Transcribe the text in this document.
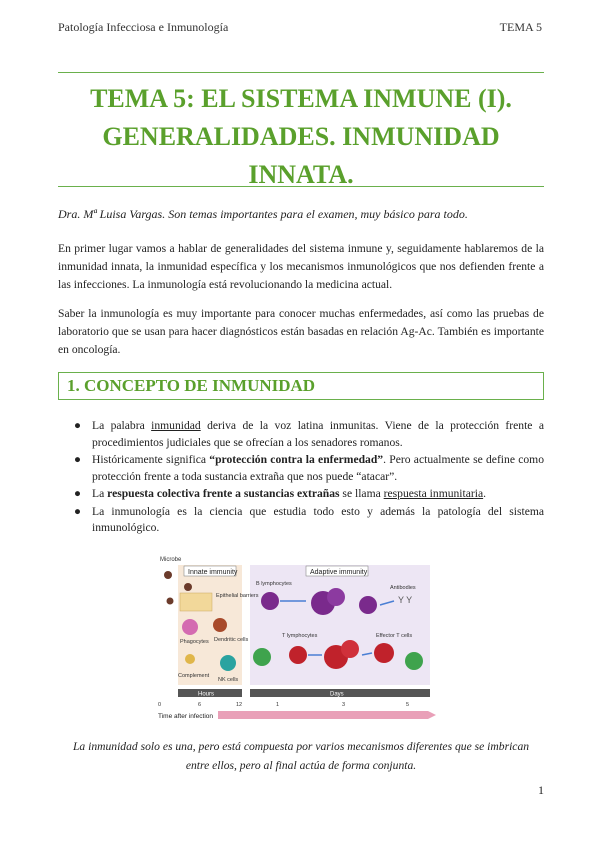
Patología Infecciosa e Inmunología	TEMA 5
TEMA 5: EL SISTEMA INMUNE (I).
GENERALIDADES. INMUNIDAD
INNATA.
Dra. Mª Luisa Vargas. Son temas importantes para el examen, muy básico para todo.
En primer lugar vamos a hablar de generalidades del sistema inmune y, seguidamente hablaremos de la inmunidad innata, la inmunidad específica y los mecanismos inmunológicos que nos defienden frente a las infecciones. La inmunología está revolucionando la medicina actual.
Saber la inmunología es muy importante para conocer muchas enfermedades, así como las pruebas de laboratorio que se usan para hacer diagnósticos están basadas en relación Ag-Ac. También es importante en oncología.
1. CONCEPTO DE INMUNIDAD
● La palabra inmunidad deriva de la voz latina inmunitas. Viene de la protección frente a procedimientos judiciales que se ofrecían a los senadores romanos.
● Históricamente significa “protección contra la enfermedad”. Pero actualmente se define como protección frente a toda sustancia extraña que nos puede “atacar”.
● La respuesta colectiva frente a sustancias extrañas se llama respuesta inmunitaria.
● La inmunología es la ciencia que estudia todo esto y además la patología del sistema inmunológico.
Microbe
Innate immunity	Adaptive immunity
Epithelial barriers
Phagocytes Dendritic cells
Complement
NK cells
B lymphocytes
Antibodies
Y Y
T lymphocytes	Effector T cells
Hours	Days
0	6	12	1	3	5
Time after infection
La inmunidad solo es una, pero está compuesta por varios mecanismos diferentes que se imbrican
entre ellos, pero al final actúa de forma conjunta.
1
